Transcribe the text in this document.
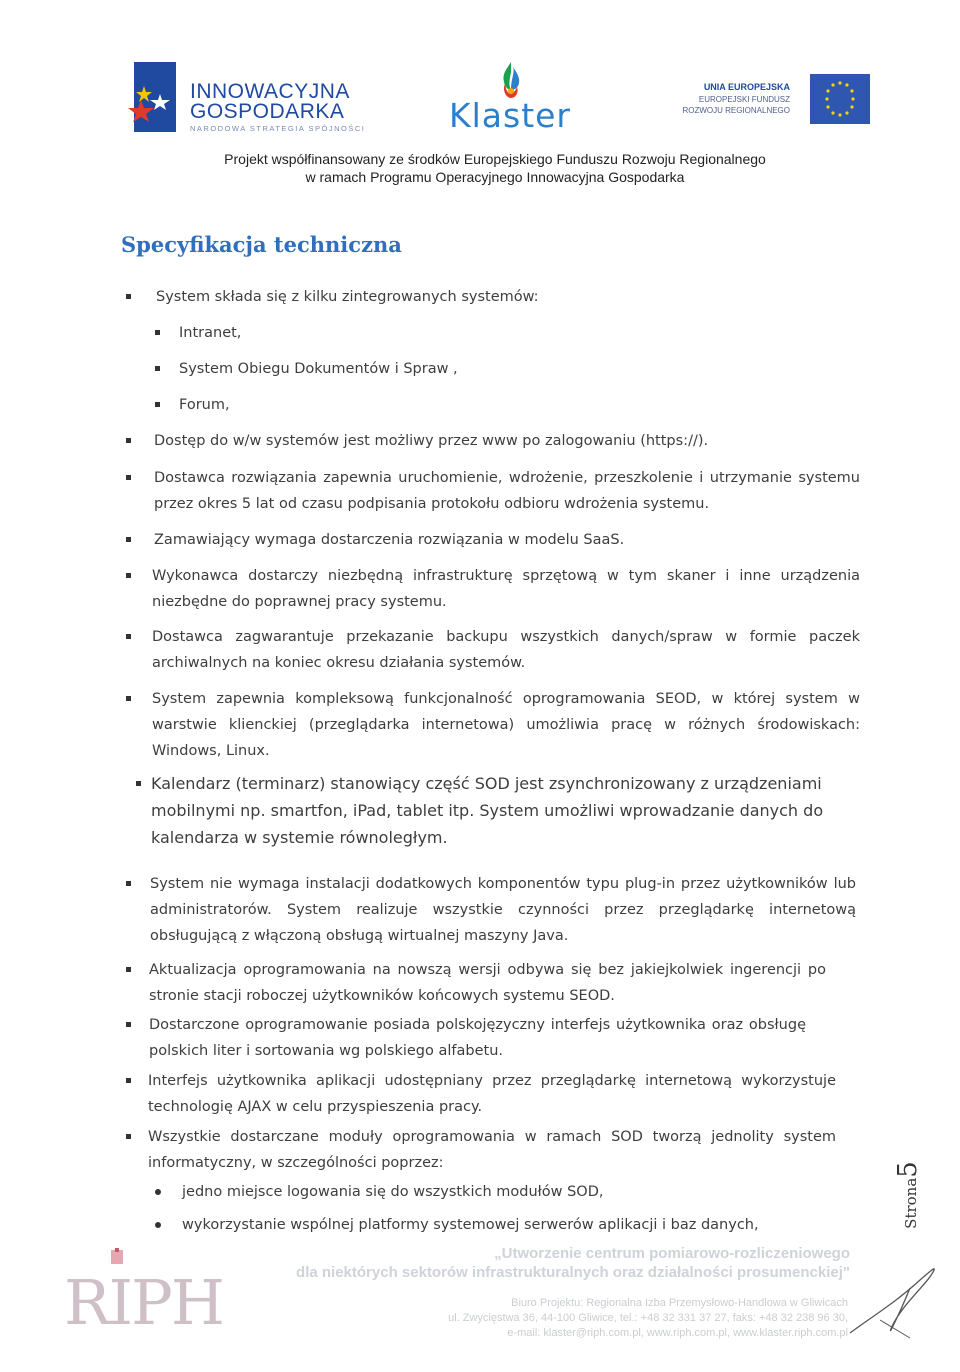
INNOWACYJNA
GOSPODARKA
NARODOWA STRATEGIA SPÓJNOŚCI	Klaster
UNIA EUROPEJSKA
EUROPEJSKI FUNDUSZ
ROZWOJU REGIONALNEGO
Projekt współfinansowany ze środków Europejskiego Funduszu Rozwoju Regionalnego
w ramach Programu Operacyjnego Innowacyjna Gospodarka
Specyfikacja techniczna
System składa się z kilku zintegrowanych systemów:
Intranet,
System Obiegu Dokumentów i Spraw ,
Forum,
Dostęp do w/w systemów jest możliwy przez www po zalogowaniu (https://).
Dostawca rozwiązania zapewnia uruchomienie, wdrożenie, przeszkolenie i utrzymanie systemu przez okres 5 lat od czasu podpisania protokołu odbioru wdrożenia systemu.
Zamawiający wymaga dostarczenia rozwiązania w modelu SaaS.
Wykonawca dostarczy niezbędną infrastrukturę sprzętową w tym skaner i inne urządzenia niezbędne do poprawnej pracy systemu.
Dostawca zagwarantuje przekazanie backupu wszystkich danych/spraw w formie paczek archiwalnych na koniec okresu działania systemów.
System zapewnia kompleksową funkcjonalność oprogramowania SEOD, w której system w warstwie klienckiej (przeglądarka internetowa) umożliwia pracę w różnych środowiskach: Windows, Linux.
Kalendarz (terminarz) stanowiący część SOD jest zsynchronizowany z urządzeniami mobilnymi np. smartfon, iPad, tablet itp. System umożliwi wprowadzanie danych do kalendarza w systemie równoległym.
System nie wymaga instalacji dodatkowych komponentów typu plug-in przez użytkowników lub administratorów. System realizuje wszystkie czynności przez przeglądarkę internetową obsługującą z włączoną obsługą wirtualnej maszyny Java.
Aktualizacja oprogramowania na nowszą wersji odbywa się bez jakiejkolwiek ingerencji po stronie stacji roboczej użytkowników końcowych systemu SEOD.
Dostarczone oprogramowanie posiada polskojęzyczny interfejs użytkownika oraz obsługę polskich liter i sortowania wg polskiego alfabetu.
Interfejs użytkownika aplikacji udostępniany przez przeglądarkę internetową wykorzystuje technologię AJAX w celu przyspieszenia pracy.
Wszystkie dostarczane moduły oprogramowania w ramach SOD tworzą jednolity system informatyczny, w szczególności poprzez:
jedno miejsce logowania się do wszystkich modułów SOD,
wykorzystanie wspólnej platformy systemowej serwerów aplikacji i baz danych,	Strona5
RIPH
„Utworzenie centrum pomiarowo-rozliczeniowego
dla niektórych sektorów infrastrukturalnych oraz działalności prosumenckiej"
Biuro Projektu: Regionalna Izba Przemysłowo-Handlowa w Gliwicach
ul. Zwycięstwa 36, 44-100 Gliwice, tel.: +48 32 331 37 27, faks: +48 32 238 96 30,
e-mail: klaster@riph.com.pl, www.riph.com.pl, www.klaster.riph.com.pl
